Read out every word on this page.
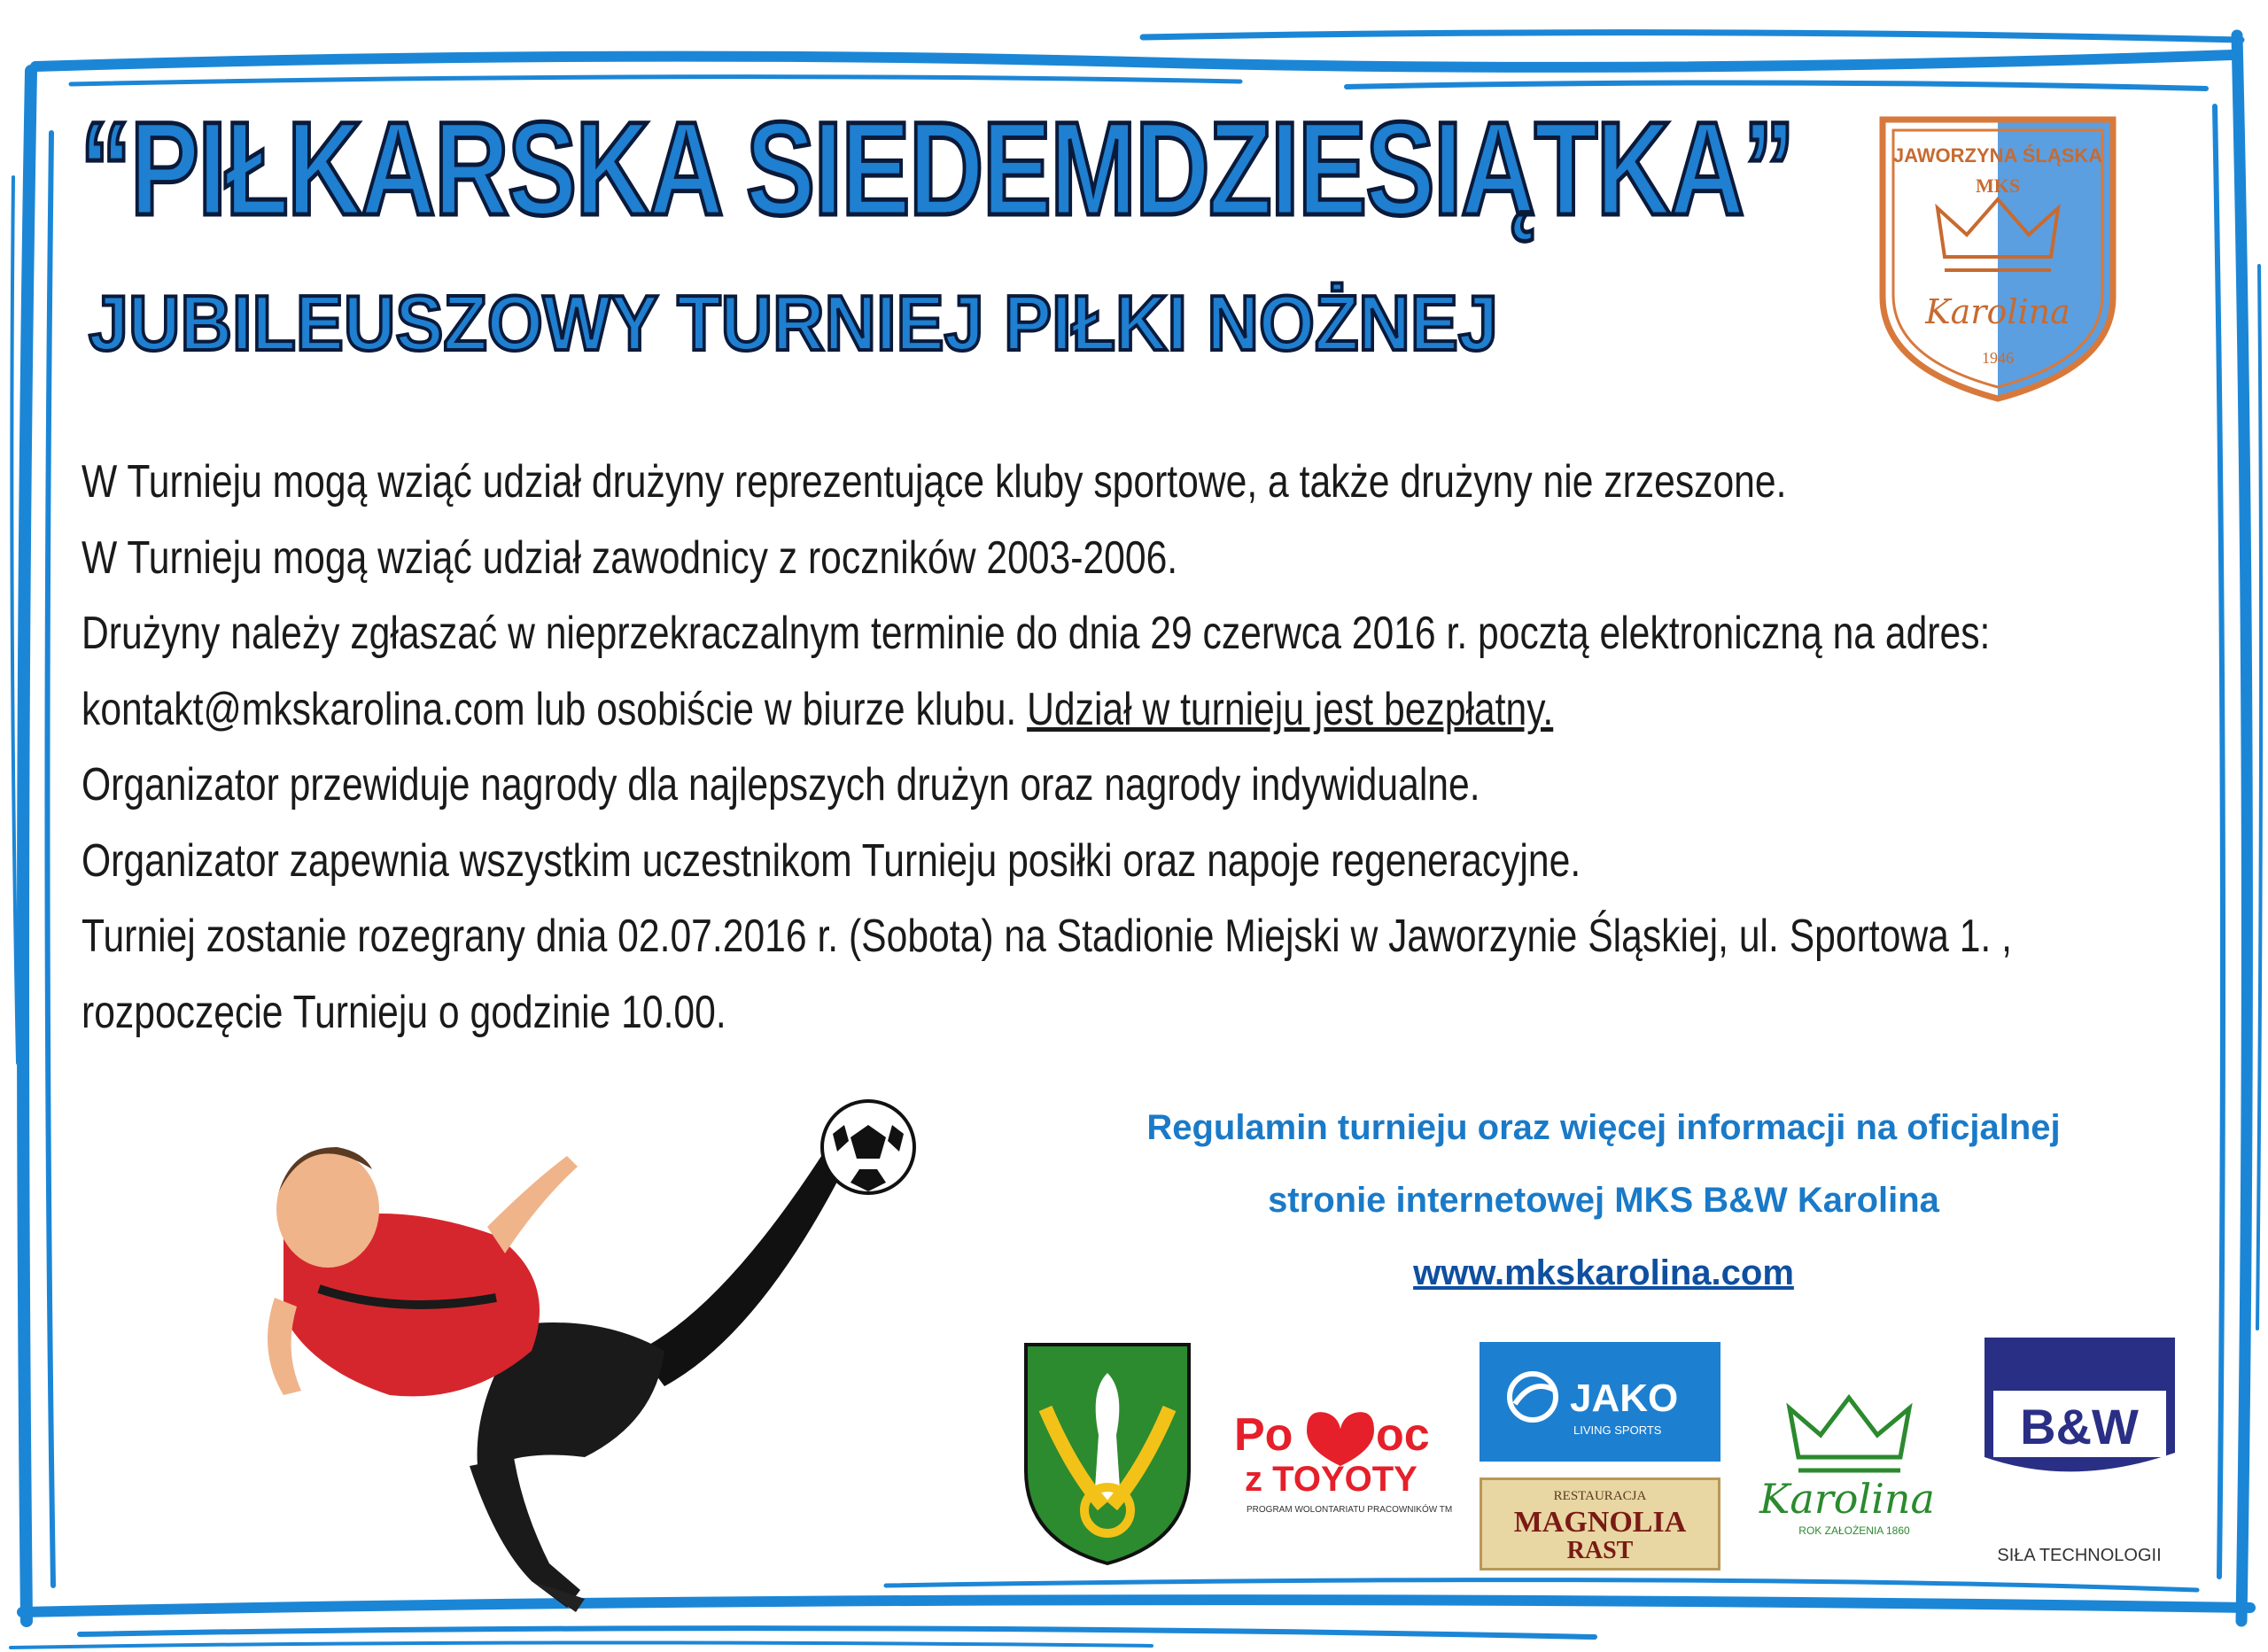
“PIŁKARSKA SIEDEMDZIESIĄTKA”
JUBILEUSZOWY TURNIEJ PIŁKI NOŻNEJ
JAWORZYNA ŚLĄSKA
MKS
Karolina
1946
W Turnieju mogą wziąć udział drużyny reprezentujące kluby sportowe, a także drużyny nie zrzeszone.
W Turnieju mogą wziąć udział zawodnicy z roczników 2003-2006.
Drużyny należy zgłaszać w nieprzekraczalnym terminie do dnia 29 czerwca 2016 r. pocztą elektroniczną na adres:
kontakt@mkskarolina.com lub osobiście w biurze klubu. Udział w turnieju jest bezpłatny.
Organizator przewiduje nagrody dla najlepszych drużyn oraz nagrody indywidualne.
Organizator zapewnia wszystkim uczestnikom Turnieju posiłki oraz napoje regeneracyjne.
Turniej zostanie rozegrany dnia 02.07.2016 r. (Sobota) na Stadionie Miejski w Jaworzynie Śląskiej, ul. Sportowa 1. ,
rozpoczęcie Turnieju o godzinie 10.00.
Regulamin turnieju oraz więcej informacji na oficjalnej
stronie internetowej MKS B&W Karolina
www.mkskarolina.com
Po oc
z TOYOTY
PROGRAM WOLONTARIATU PRACOWNIKÓW TMMP
JAKO
LIVING SPORTS
RESTAURACJA
MAGNOLIA
RAST
Karolina
ROK ZAŁOŻENIA 1860
B&W
SIŁA TECHNOLOGII
